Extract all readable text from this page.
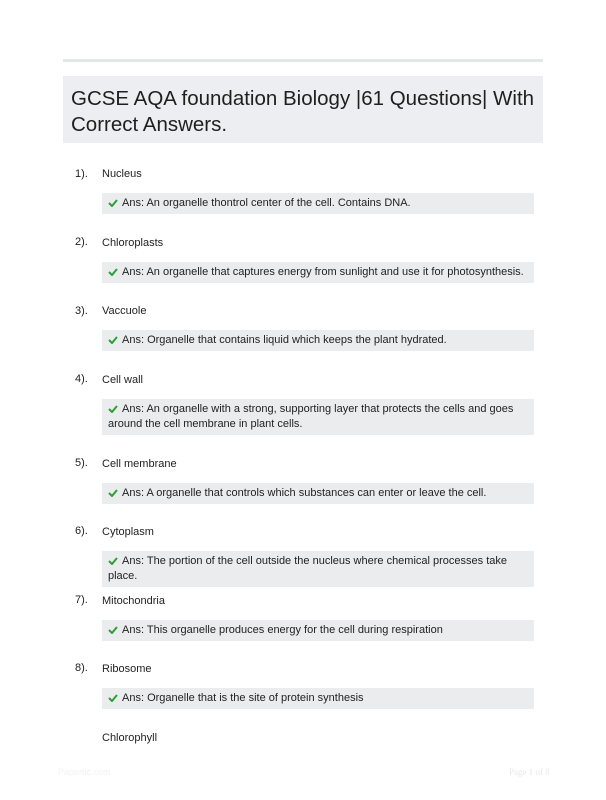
GCSE AQA foundation Biology |61 Questions| With Correct Answers.
1). Nucleus
Ans: An organelle thontrol center of the cell. Contains DNA.
2). Chloroplasts
Ans: An organelle that captures energy from sunlight and use it for photosynthesis.
3). Vaccuole
Ans: Organelle that contains liquid which keeps the plant hydrated.
4). Cell wall
Ans: An organelle with a strong, supporting layer that protects the cells and goes around the cell membrane in plant cells.
5). Cell membrane
Ans: A organelle that controls which substances can enter or leave the cell.
6). Cytoplasm
Ans: The portion of the cell outside the nucleus where chemical processes take place.
7). Mitochondria
Ans: This organelle produces energy for the cell during respiration
8). Ribosome
Ans: Organelle that is the site of protein synthesis
Chlorophyll
Papertic.com	Page 1 of 8
